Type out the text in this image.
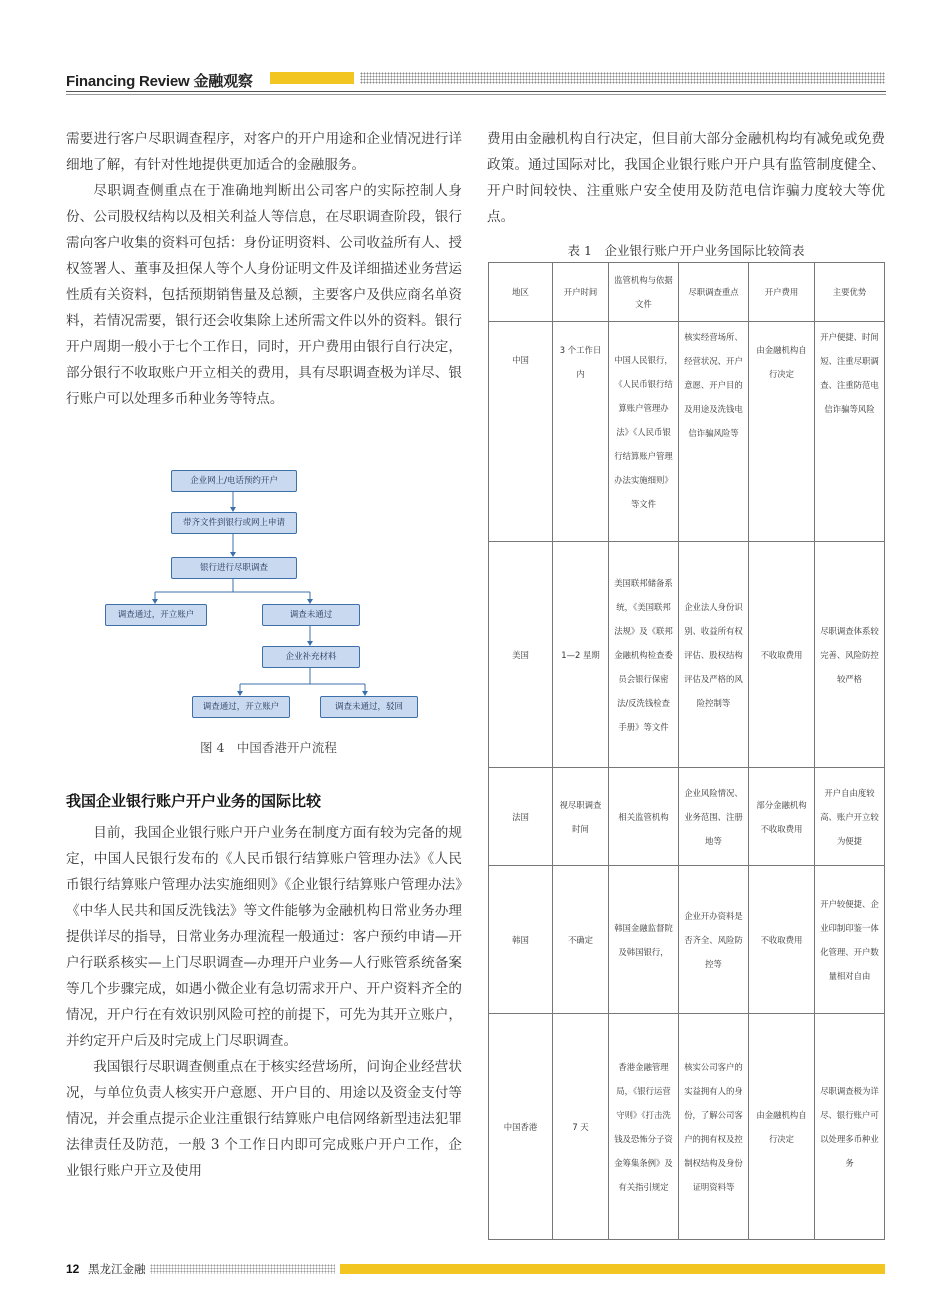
Financing Review 金融观察

需要进行客户尽职调查程序，对客户的开户用途和企业情况进行详细地了解，有针对性地提供更加适合的金融服务。

尽职调查侧重点在于准确地判断出公司客户的实际控制人身份、公司股权结构以及相关利益人等信息，在尽职调查阶段，银行需向客户收集的资料可包括：身份证明资料、公司收益所有人、授权签署人、董事及担保人等个人身份证明文件及详细描述业务营运性质有关资料，包括预期销售量及总额，主要客户及供应商名单资料，若情况需要，银行还会收集除上述所需文件以外的资料。银行开户周期一般小于七个工作日，同时，开户费用由银行自行决定，部分银行不收取账户开立相关的费用，具有尽职调查极为详尽、银行账户可以处理多币种业务等特点。

企业网上/电话预约开户
带齐文件到银行或网上申请
银行进行尽职调查
调查通过，开立账户	调查未通过
企业补充材料
调查通过，开立账户	调查未通过，驳回
图 4　中国香港开户流程
我国企业银行账户开户业务的国际比较

目前，我国企业银行账户开户业务在制度方面有较为完备的规定，中国人民银行发布的《人民币银行结算账户管理办法》《人民币银行结算账户管理办法实施细则》《企业银行结算账户管理办法》《中华人民共和国反洗钱法》等文件能够为金融机构日常业务办理提供详尽的指导，日常业务办理流程一般通过：客户预约申请—开户行联系核实—上门尽职调查—办理开户业务—人行账管系统备案等几个步骤完成，如遇小微企业有急切需求开户、开户资料齐全的情况，开户行在有效识别风险可控的前提下，可先为其开立账户，并约定开户后及时完成上门尽职调查。

我国银行尽职调查侧重点在于核实经营场所，问询企业经营状况，与单位负责人核实开户意愿、开户目的、用途以及资金支付等情况，并会重点提示企业注重银行结算账户电信网络新型违法犯罪法律责任及防范，一般 3 个工作日内即可完成账户开户工作，企业银行账户开立及使用

费用由金融机构自行决定，但目前大部分金融机构均有减免或免费政策。通过国际对比，我国企业银行账户开户具有监管制度健全、开户时间较快、注重账户安全使用及防范电信诈骗力度较大等优点。

表 1　企业银行账户开户业务国际比较简表
地区	开户时间	监管机构与依据文件	尽职调查重点	开户费用	主要优势
中国	3 个工作日内	中国人民银行，《人民币银行结算账户管理办法》《人民币银行结算账户管理办法实施细则》等文件	核实经营场所、经营状况、开户意愿、开户目的及用途及洗钱电信诈骗风险等	由金融机构自行决定	开户便捷、时间短、注重尽职调查、注重防范电信诈骗等风险
美国	1—2 星期	美国联邦储备系统，《美国联邦法规》及《联邦金融机构检查委员会银行保密法/反洗钱检查手册》等文件	企业法人身份识别、收益所有权评估、股权结构评估及严格的风险控制等	不收取费用	尽职调查体系较完善、风险防控较严格
法国	视尽职调查时间	相关监管机构	企业风险情况、业务范围、注册地等	部分金融机构不收取费用	开户自由度较高、账户开立较为便捷
韩国	不确定	韩国金融监督院及韩国银行，	企业开办资料是否齐全、风险防控等	不收取费用	开户较便捷、企业印制印鉴一体化管理、开户数量相对自由
中国香港	7 天	香港金融管理局，《银行运营守则》《打击洗钱及恐怖分子资金筹集条例》及有关指引规定	核实公司客户的实益拥有人的身份，了解公司客户的拥有权及控制权结构及身份证明资料等	由金融机构自行决定	尽职调查极为详尽、银行账户可以处理多币种业务
12 黑龙江金融
